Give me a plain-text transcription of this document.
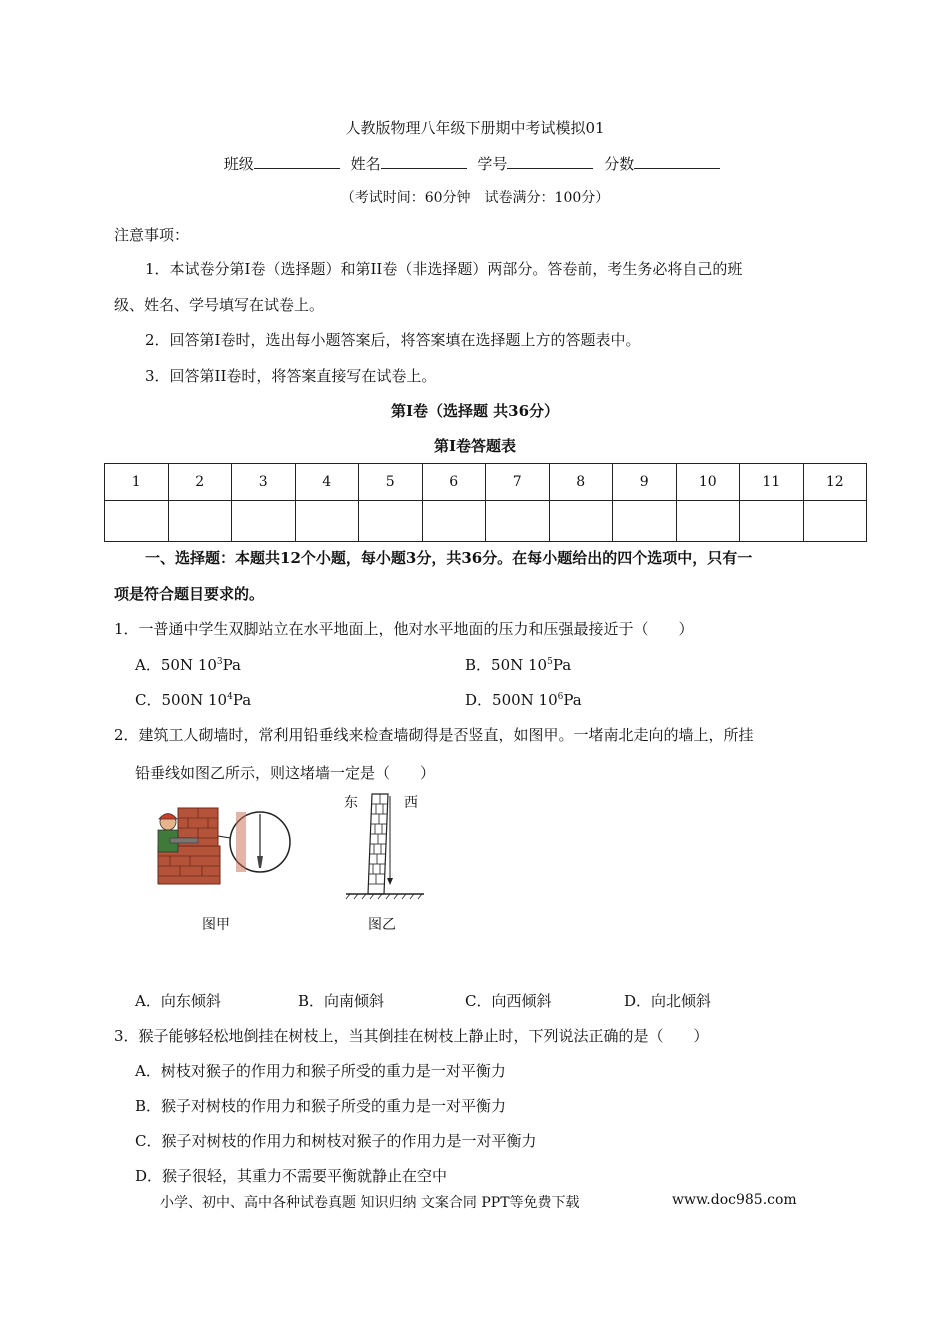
人教版物理八年级下册期中考试模拟01
班级	姓名	学号	分数
（考试时间：60分钟　试卷满分：100分）
注意事项：
1．本试卷分第I卷（选择题）和第II卷（非选择题）两部分。答卷前，考生务必将自己的班
级、姓名、学号填写在试卷上。
2．回答第I卷时，选出每小题答案后，将答案填在选择题上方的答题表中。
3．回答第II卷时，将答案直接写在试卷上。
第Ⅰ卷（选择题 共36分）
第Ⅰ卷答题表
1	2	3	4	5	6	7	8	9	10	11	12

一、选择题：本题共12个小题，每小题3分，共36分。在每小题给出的四个选项中，只有一
项是符合题目要求的。
1．一普通中学生双脚站立在水平地面上，他对水平地面的压力和压强最接近于（　　）
A．50N $10^3Pa$	B．50N $10^5Pa$
C．500N $10^4Pa$	D．500N $10^6Pa$
2．建筑工人砌墙时，常利用铅垂线来检查墙砌得是否竖直，如图甲。一堵南北走向的墙上，所挂
铅垂线如图乙所示，则这堵墙一定是（　　）
图甲
东	西
图乙
A．向东倾斜	B．向南倾斜	C．向西倾斜	D．向北倾斜
3．猴子能够轻松地倒挂在树枝上，当其倒挂在树枝上静止时，下列说法正确的是（　　）
A．树枝对猴子的作用力和猴子所受的重力是一对平衡力
B．猴子对树枝的作用力和猴子所受的重力是一对平衡力
C．猴子对树枝的作用力和树枝对猴子的作用力是一对平衡力
D．猴子很轻，其重力不需要平衡就静止在空中
小学、初中、高中各种试卷真题 知识归纳 文案合同 PPT等免费下载	www.doc985.com
